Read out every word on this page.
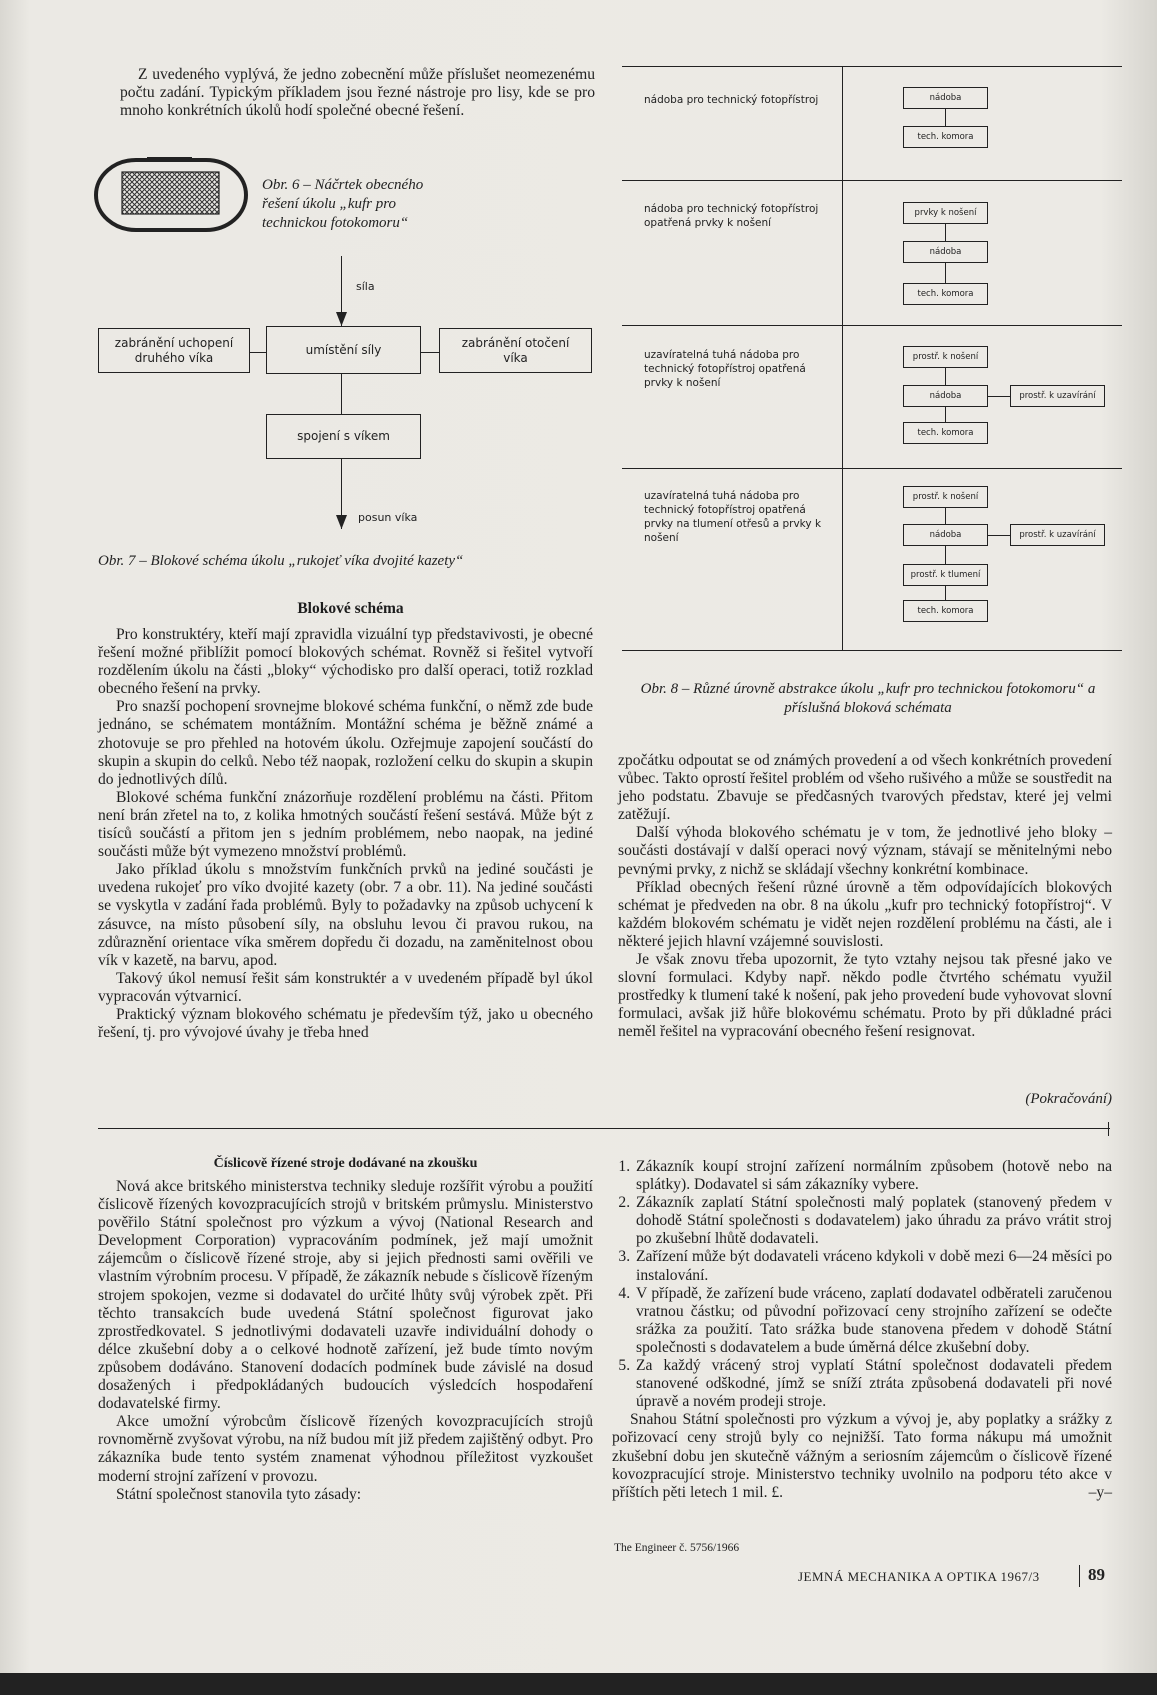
Z uvedeného vyplývá, že jedno zobecnění může příslušet neomezenému počtu zadání. Typickým příkladem jsou řezné nástroje pro lisy, kde se pro mnoho konkrétních úkolů hodí společné obecné řešení.

Obr. 6 – Náčrtek obecného řešení úkolu „kufr pro technickou fotokomoru“
síla
zabránění uchopení druhého víka
umístění síly	zabránění otočení víka
spojení s víkem
posun víka
Obr. 7 – Blokové schéma úkolu „rukojeť víka dvojité kazety“
nádoba pro technický fotopřístroj	nádoba
tech. komora
nádoba pro technický fotopřístroj opatřená prvky k nošení
prvky k nošení
nádoba
tech. komora
uzavíratelná tuhá nádoba pro technický fotopřístroj opatřená prvky k nošení
prostř. k nošení
nádoba	prostř. k uzavírání
tech. komora
uzavíratelná tuhá nádoba pro technický fotopřístroj opatřená prvky na tlumení otřesů a prvky k nošení
prostř. k nošení
nádoba	prostř. k uzavírání
prostř. k tlumení
tech. komora
Obr. 8 – Různé úrovně abstrakce úkolu „kufr pro technickou fotokomoru“ a příslušná bloková schémata
Blokové schéma

Pro konstruktéry, kteří mají zpravidla vizuální typ představivosti, je obecné řešení možné přiblížit pomocí blokových schémat. Rovněž si řešitel vytvoří rozdělením úkolu na části „bloky“ východisko pro další operaci, totiž rozklad obecného řešení na prvky.

Pro snazší pochopení srovnejme blokové schéma funkční, o němž zde bude jednáno, se schématem montážním. Montážní schéma je běžně známé a zhotovuje se pro přehled na hotovém úkolu. Ozřejmuje zapojení součástí do skupin a skupin do celků. Nebo též naopak, rozložení celku do skupin a skupin do jednotlivých dílů.

Blokové schéma funkční znázorňuje rozdělení problému na části. Přitom není brán zřetel na to, z kolika hmotných součástí řešení sestává. Může být z tisíců součástí a přitom jen s jedním problémem, nebo naopak, na jediné součásti může být vymezeno množství problémů.

Jako příklad úkolu s množstvím funkčních prvků na jediné součásti je uvedena rukojeť pro víko dvojité kazety (obr. 7 a obr. 11). Na jediné součásti se vyskytla v zadání řada problémů. Byly to požadavky na způsob uchycení k zásuvce, na místo působení síly, na obsluhu levou či pravou rukou, na zdůraznění orientace víka směrem dopředu či dozadu, na zaměnitelnost obou vík v kazetě, na barvu, apod.

Takový úkol nemusí řešit sám konstruktér a v uvedeném případě byl úkol vypracován výtvarnicí.

Praktický význam blokového schématu je především týž, jako u obecného řešení, tj. pro vývojové úvahy je třeba hned

zpočátku odpoutat se od známých provedení a od všech konkrétních provedení vůbec. Takto oprostí řešitel problém od všeho rušivého a může se soustředit na jeho podstatu. Zbavuje se předčasných tvarových představ, které jej velmi zatěžují.

Další výhoda blokového schématu je v tom, že jednotlivé jeho bloky – součásti dostávají v další operaci nový význam, stávají se měnitelnými nebo pevnými prvky, z nichž se skládají všechny konkrétní kombinace.

Příklad obecných řešení různé úrovně a těm odpovídajících blokových schémat je předveden na obr. 8 na úkolu „kufr pro technický fotopřístroj“. V každém blokovém schématu je vidět nejen rozdělení problému na části, ale i některé jejich hlavní vzájemné souvislosti.

Je však znovu třeba upozornit, že tyto vztahy nejsou tak přesné jako ve slovní formulaci. Kdyby např. někdo podle čtvrtého schématu využil prostředky k tlumení také k nošení, pak jeho provedení bude vyhovovat slovní formulaci, avšak již hůře blokovému schématu. Proto by při důkladné práci neměl řešitel na vypracování obecného řešení resignovat.

(Pokračování)
Číslicově řízené stroje dodávané na zkoušku

Nová akce britského ministerstva techniky sleduje rozšířit výrobu a použití číslicově řízených kovozpracujících strojů v britském průmyslu. Ministerstvo pověřilo Státní společnost pro výzkum a vývoj (National Research and Development Corporation) vypracováním podmínek, jež mají umožnit zájemcům o číslicově řízené stroje, aby si jejich přednosti sami ověřili ve vlastním výrobním procesu. V případě, že zákazník nebude s číslicově řízeným strojem spokojen, vezme si dodavatel do určité lhůty svůj výrobek zpět. Při těchto transakcích bude uvedená Státní společnost figurovat jako zprostředkovatel. S jednotlivými dodavateli uzavře individuální dohody o délce zkušební doby a o celkové hodnotě zařízení, jež bude tímto novým způsobem dodáváno. Stanovení dodacích podmínek bude závislé na dosud dosažených i předpokládaných budoucích výsledcích hospodaření dodavatelské firmy.

Akce umožní výrobcům číslicově řízených kovozpracujících strojů rovnoměrně zvyšovat výrobu, na níž budou mít již předem zajištěný odbyt. Pro zákazníka bude tento systém znamenat výhodnou příležitost vyzkoušet moderní strojní zařízení v provozu.

Státní společnost stanovila tyto zásady:

1. Zákazník koupí strojní zařízení normálním způsobem (hotově nebo na splátky). Dodavatel si sám zákazníky vybere.
2. Zákazník zaplatí Státní společnosti malý poplatek (stanovený předem v dohodě Státní společnosti s dodavatelem) jako úhradu za právo vrátit stroj po zkušební lhůtě dodavateli.
3. Zařízení může být dodavateli vráceno kdykoli v době mezi 6—24 měsíci po instalování.
4. V případě, že zařízení bude vráceno, zaplatí dodavatel odběrateli zaručenou vratnou částku; od původní pořizovací ceny strojního zařízení se odečte srážka za použití. Tato srážka bude stanovena předem v dohodě Státní společnosti s dodavatelem a bude úměrná délce zkušební doby.
5. Za každý vrácený stroj vyplatí Státní společnost dodavateli předem stanovené odškodné, jímž se sníží ztráta způsobená dodavateli při nové úpravě a novém prodeji stroje.

Snahou Státní společnosti pro výzkum a vývoj je, aby poplatky a srážky z pořizovací ceny strojů byly co nejnižší. Tato forma nákupu má umožnit zkušební dobu jen skutečně vážným a seriosním zájemcům o číslicově řízené kovozpracující stroje. Ministerstvo techniky uvolnilo na podporu této akce v příštích pěti letech 1 mil. £.	–y–
The Engineer č. 5756/1966
JEMNÁ MECHANIKA A OPTIKA 1967/3	89
